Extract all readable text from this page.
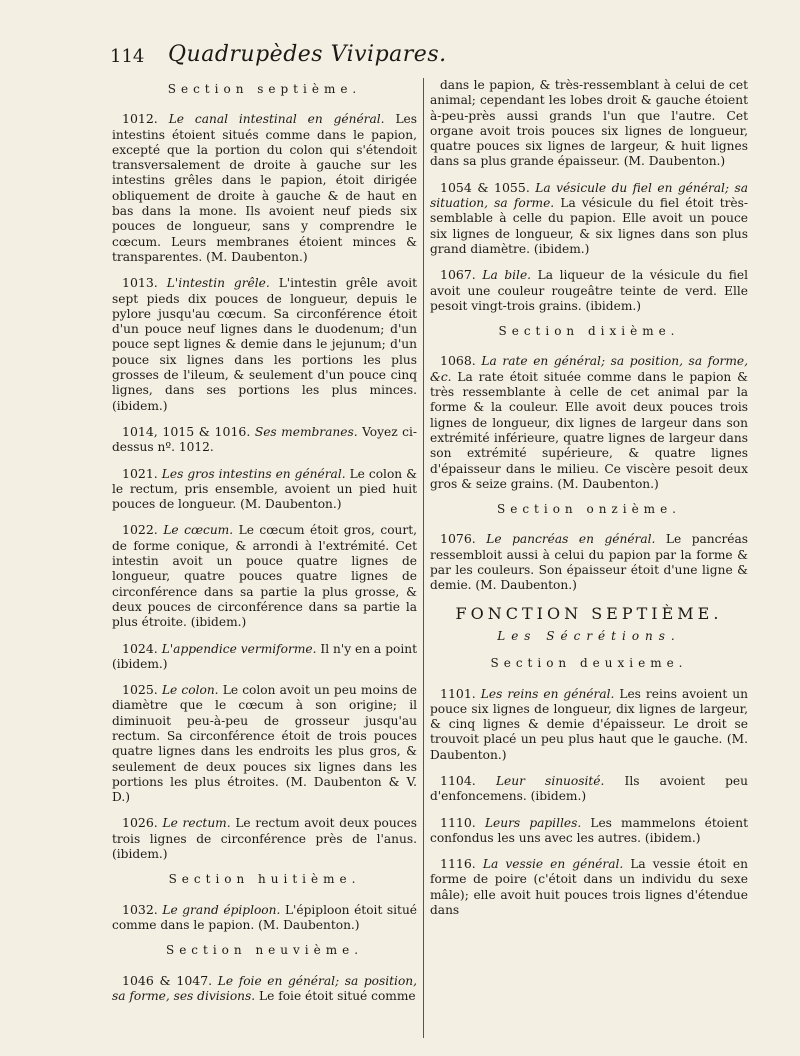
114 Quadrupèdes Vivipares.
Section septième.

1012. Le canal intestinal en général. Les intestins étoient situés comme dans le papion, excepté que la portion du colon qui s'étendoit transversalement de droite à gauche sur les intestins grêles dans le papion, étoit dirigée obliquement de droite à gauche & de haut en bas dans la mone. Ils avoient neuf pieds six pouces de longueur, sans y comprendre le cœcum. Leurs membranes étoient minces & transparentes. (M. Daubenton.)

1013. L'intestin grêle. L'intestin grêle avoit sept pieds dix pouces de longueur, depuis le pylore jusqu'au cœcum. Sa circonférence étoit d'un pouce neuf lignes dans le duodenum; d'un pouce sept lignes & demie dans le jejunum; d'un pouce six lignes dans les portions les plus grosses de l'ileum, & seulement d'un pouce cinq lignes, dans ses portions les plus minces. (ibidem.)

1014, 1015 & 1016. Ses membranes. Voyez ci-dessus nº. 1012.

1021. Les gros intestins en général. Le colon & le rectum, pris ensemble, avoient un pied huit pouces de longueur. (M. Daubenton.)

1022. Le cœcum. Le cœcum étoit gros, court, de forme conique, & arrondi à l'extrémité. Cet intestin avoit un pouce quatre lignes de longueur, quatre pouces quatre lignes de circonférence dans sa partie la plus grosse, & deux pouces de circonférence dans sa partie la plus étroite. (ibidem.)

1024. L'appendice vermiforme. Il n'y en a point (ibidem.)

1025. Le colon. Le colon avoit un peu moins de diamètre que le cœcum à son origine; il diminuoit peu-à-peu de grosseur jusqu'au rectum. Sa circonférence étoit de trois pouces quatre lignes dans les endroits les plus gros, & seulement de deux pouces six lignes dans les portions les plus étroites. (M. Daubenton & V. D.)

1026. Le rectum. Le rectum avoit deux pouces trois lignes de circonférence près de l'anus. (ibidem.)

Section huitième.

1032. Le grand épiploon. L'épiploon étoit situé comme dans le papion. (M. Daubenton.)

Section neuvième.

1046 & 1047. Le foie en général; sa position, sa forme, ses divisions. Le foie étoit situé comme

dans le papion, & très-ressemblant à celui de cet animal; cependant les lobes droit & gauche étoient à-peu-près aussi grands l'un que l'autre. Cet organe avoit trois pouces six lignes de longueur, quatre pouces six lignes de largeur, & huit lignes dans sa plus grande épaisseur. (M. Daubenton.)

1054 & 1055. La vésicule du fiel en général; sa situation, sa forme. La vésicule du fiel étoit très-semblable à celle du papion. Elle avoit un pouce six lignes de longueur, & six lignes dans son plus grand diamètre. (ibidem.)

1067. La bile. La liqueur de la vésicule du fiel avoit une couleur rougeâtre teinte de verd. Elle pesoit vingt-trois grains. (ibidem.)

Section dixième.

1068. La rate en général; sa position, sa forme, &c. La rate étoit située comme dans le papion & très ressemblante à celle de cet animal par la forme & la couleur. Elle avoit deux pouces trois lignes de longueur, dix lignes de largeur dans son extrémité inférieure, quatre lignes de largeur dans son extrémité supérieure, & quatre lignes d'épaisseur dans le milieu. Ce viscère pesoit deux gros & seize grains. (M. Daubenton.)

Section onzième.

1076. Le pancréas en général. Le pancréas ressembloit aussi à celui du papion par la forme & par les couleurs. Son épaisseur étoit d'une ligne & demie. (M. Daubenton.)

FONCTION SEPTIÈME.
Les Sécrétions.
Section deuxieme.

1101. Les reins en général. Les reins avoient un pouce six lignes de longueur, dix lignes de largeur, & cinq lignes & demie d'épaisseur. Le droit se trouvoit placé un peu plus haut que le gauche. (M. Daubenton.)

1104. Leur sinuosité. Ils avoient peu d'enfoncemens. (ibidem.)

1110. Leurs papilles. Les mammelons étoient confondus les uns avec les autres. (ibidem.)

1116. La vessie en général. La vessie étoit en forme de poire (c'étoit dans un individu du sexe mâle); elle avoit huit pouces trois lignes d'étendue dans
